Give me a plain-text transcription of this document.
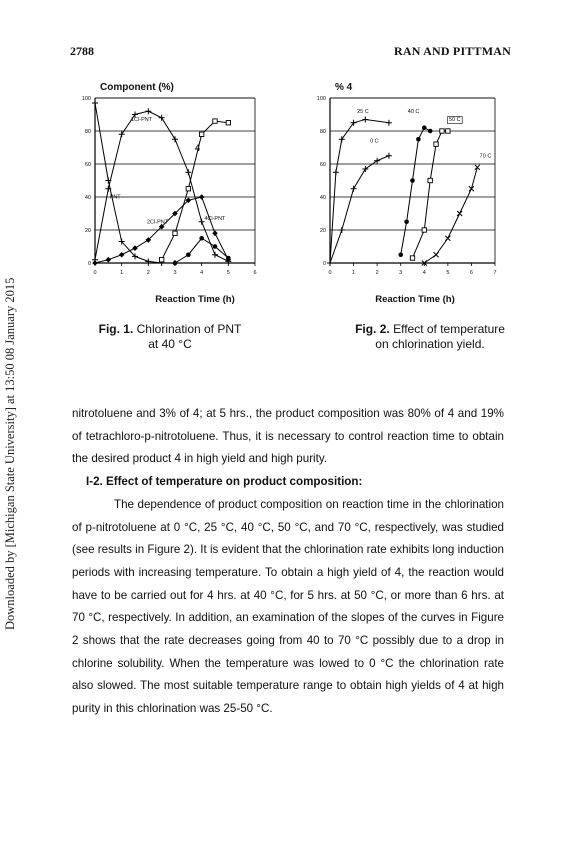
2788	RAN AND PITTMAN
Downloaded by [Michigan State University] at 13:50 08 January 2015
Component (%)
Reaction Time (h)
0
20
40
60
80
100
0	1	2	3	4	5	6
PNT
1Cl-PNT
2Cl-PNT
4
4Cl-PNT
Fig. 1. Chlorination of PNT
at 40 °C
% 4
Reaction Time (h)
0
20
40
60
80
100
0	1	2	3	4	5	6	7
25 C
0 C
40 C
50 C
70 C
Fig. 2. Effect of temperature
on chlorination yield.

nitrotoluene and 3% of 4; at 5 hrs., the product composition was 80% of 4 and 19% of tetrachloro-p-nitrotoluene. Thus, it is necessary to control reaction time to obtain the desired product 4 in high yield and high purity.

I-2. Effect of temperature on product composition:

The dependence of product composition on reaction time in the chlorination of p-nitrotoluene at 0 °C, 25 °C, 40 °C, 50 °C, and 70 °C, respectively, was studied (see results in Figure 2). It is evident that the chlorination rate exhibits long induction periods with increasing temperature. To obtain a high yield of 4, the reaction would have to be carried out for 4 hrs. at 40 °C, for 5 hrs. at 50 °C, or more than 6 hrs. at 70 °C, respectively. In addition, an examination of the slopes of the curves in Figure 2 shows that the rate decreases going from 40 to 70 °C possibly due to a drop in chlorine solubility. When the temperature was lowed to 0 °C the chlorination rate also slowed. The most suitable temperature range to obtain high yields of 4 at high purity in this chlorination was 25-50 °C.
